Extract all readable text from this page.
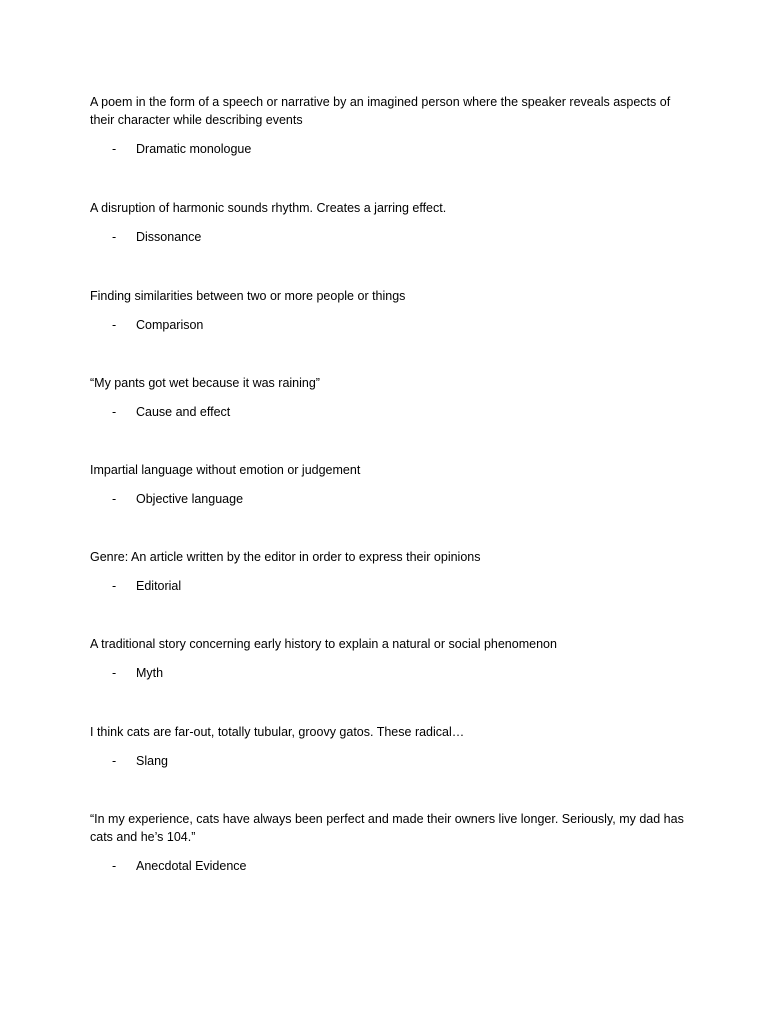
A poem in the form of a speech or narrative by an imagined person where the speaker reveals aspects of their character while describing events

- Dramatic monologue

A disruption of harmonic sounds rhythm. Creates a jarring effect.

- Dissonance

Finding similarities between two or more people or things

- Comparison

“My pants got wet because it was raining”

- Cause and effect

Impartial language without emotion or judgement

- Objective language

Genre: An article written by the editor in order to express their opinions

- Editorial

A traditional story concerning early history to explain a natural or social phenomenon

- Myth

I think cats are far-out, totally tubular, groovy gatos. These radical…

- Slang

“In my experience, cats have always been perfect and made their owners live longer. Seriously, my dad has cats and he’s 104.”

- Anecdotal Evidence
